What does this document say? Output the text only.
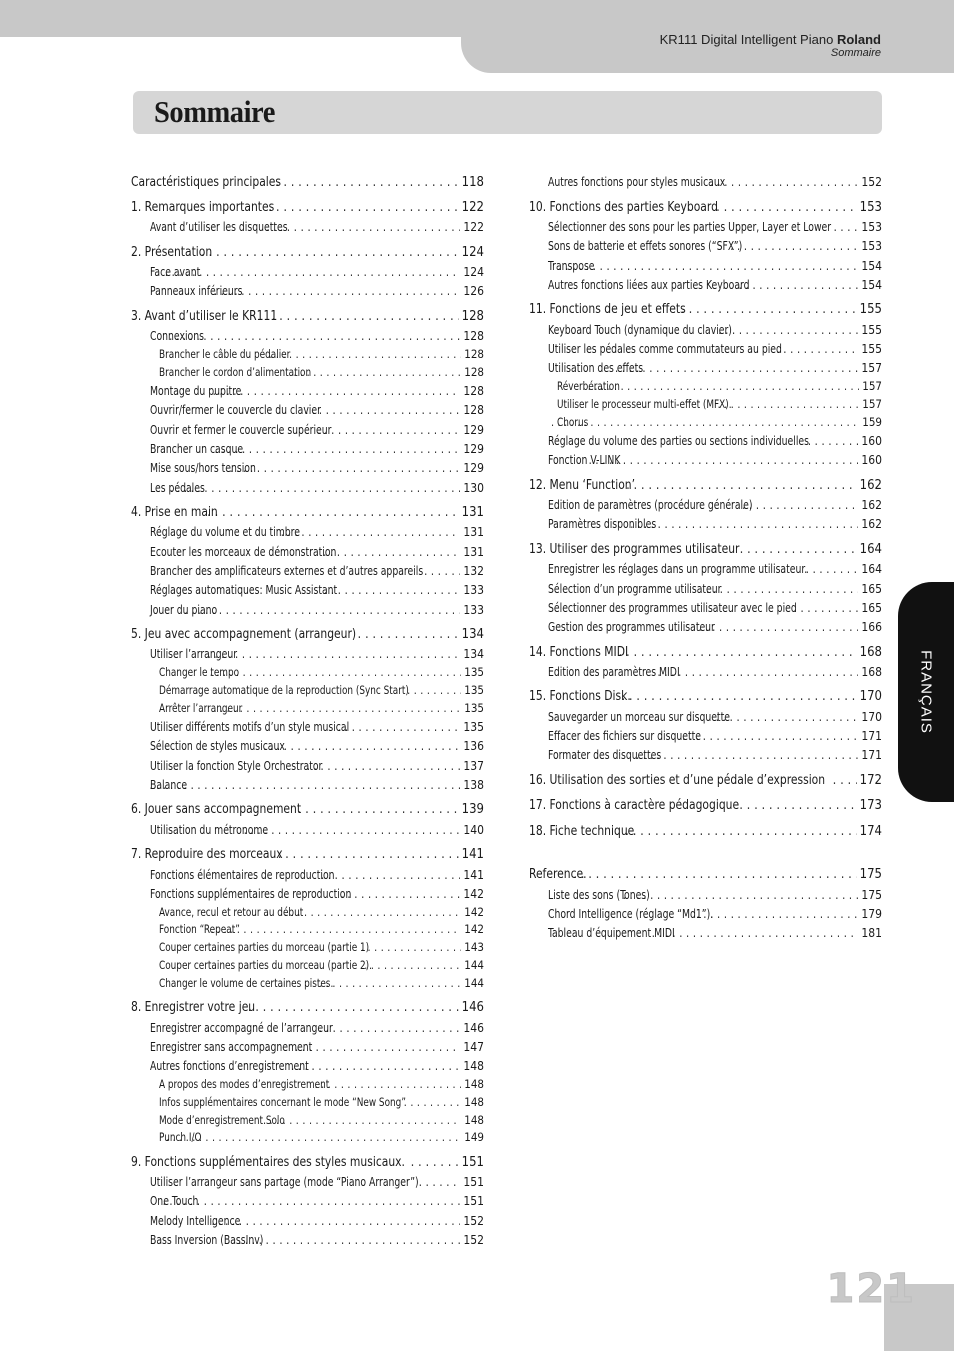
KR111 Digital Intelligent Piano Roland
Sommaire
Sommaire
Caractéristiques principales . . .	118
1. Remarques importantes . . .	122
Avant d’utiliser les disquettes . . .	122
2. Présentation . . .	124
Face avant . . .	124
Panneaux inférieurs . . .	126
3. Avant d’utiliser le KR111 . . .	128
Connexions . . .	128
Brancher le câble du pédalier . . .	128
Brancher le cordon d’alimentation . . .	128
Montage du pupitre . . .	128
Ouvrir/fermer le couvercle du clavier . . .	128
Ouvrir et fermer le couvercle supérieur . . .	129
Brancher un casque . . .	129
Mise sous/hors tension . . .	129
Les pédales . . .	130
4. Prise en main . . .	131
Réglage du volume et du timbre . . .	131
Ecouter les morceaux de démonstration . . .	131
Brancher des amplificateurs externes et d’autres appareils . . .	132
Réglages automatiques: Music Assistant . . .	133
Jouer du piano . . .	133
5. Jeu avec accompagnement (arrangeur) . . .	134
Utiliser l’arrangeur . . .	134
Changer le tempo . . .	135
Démarrage automatique de la reproduction (Sync Start) . . .	135
Arrêter l’arrangeur . . .	135
Utiliser différents motifs d’un style musical . . .	135
Sélection de styles musicaux . . .	136
Utiliser la fonction Style Orchestrator . . .	137
Balance . . .	138
6. Jouer sans accompagnement . . .	139
Utilisation du métronome . . .	140
7. Reproduire des morceaux . . .	141
Fonctions élémentaires de reproduction . . .	141
Fonctions supplémentaires de reproduction . . .	142
Avance, recul et retour au début . . .	142
Fonction “Repeat” . . .	142
Couper certaines parties du morceau (partie 1) . . .	143
Couper certaines parties du morceau (partie 2). . . .	144
Changer le volume de certaines pistes. . . .	144
8. Enregistrer votre jeu . . .	146
Enregistrer accompagné de l’arrangeur . . .	146
Enregistrer sans accompagnement . . .	147
Autres fonctions d’enregistrement . . .	148
A propos des modes d’enregistrement . . .	148
Infos supplémentaires concernant le mode “New Song” . . .	148
Mode d’enregistrement Solo . . .	148
Punch I/O . . .	149
9. Fonctions supplémentaires des styles musicaux. . . .	151
Utiliser l’arrangeur sans partage (mode “Piano Arranger”) . . .	151
One Touch . . .	151
Melody Intelligence . . .	152
Bass Inversion (BassInv) . . .	152
Autres fonctions pour styles musicaux . . .	152
10. Fonctions des parties Keyboard . . .	153
Sélectionner des sons pour les parties Upper, Layer et Lower . . .	153
Sons de batterie et effets sonores (“SFX”) . . .	153
Transpose . . .	154
Autres fonctions liées aux parties Keyboard . . .	154
11. Fonctions de jeu et effets . . .	155
Keyboard Touch (dynamique du clavier) . . .	155
Utiliser les pédales comme commutateurs au pied . . .	155
Utilisation des effets . . .	157
Réverbération . . .	157
Utiliser le processeur multi-effet (MFX). . . .	157
Chorus . . .	159
Réglage du volume des parties ou sections individuelles . . .	160
Fonction V-LINK . . .	160
12. Menu ‘Function’ . . .	162
Edition de paramètres (procédure générale) . . .	162
Paramètres disponibles . . .	162
13. Utiliser des programmes utilisateur . . .	164
Enregistrer les réglages dans un programme utilisateur. . . .	164
Sélection d’un programme utilisateur . . .	165
Sélectionner des programmes utilisateur avec le pied . . .	165
Gestion des programmes utilisateur . . .	166
14. Fonctions MIDI . . .	168
Edition des paramètres MIDI . . .	168
15. Fonctions Disk. . . .	170
Sauvegarder un morceau sur disquette . . .	170
Effacer des fichiers sur disquette . . .	171
Formater des disquettes . . .	171
16. Utilisation des sorties et d’une pédale d’expression . . .	172
17. Fonctions à caractère pédagogique . . .	173
18. Fiche technique . . .	174
Reference. . . .	175
Liste des sons (Tones) . . .	175
Chord Intelligence (réglage “Md1”). . . .	179
Tableau d’équipement MIDI . . .	181
FRANÇAIS
121
